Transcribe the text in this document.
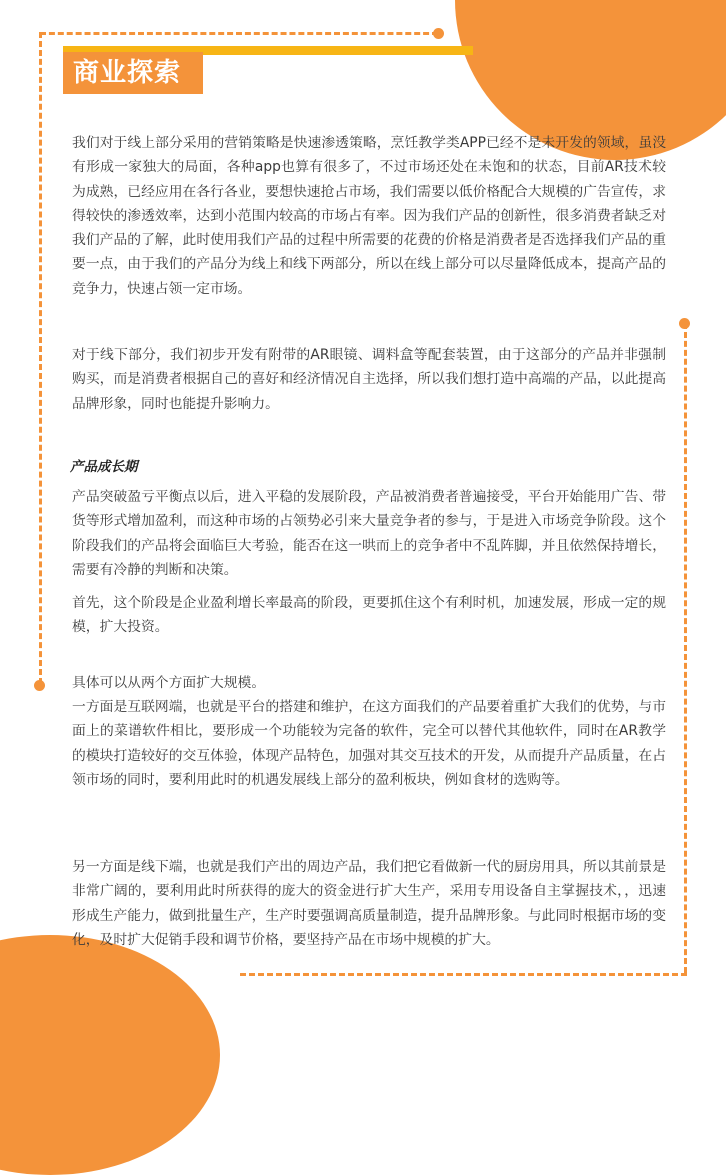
商业探索

我们对于线上部分采用的营销策略是快速渗透策略，烹饪教学类APP已经不是未开发的领域，虽没有形成一家独大的局面，各种app也算有很多了，不过市场还处在未饱和的状态，目前AR技术较为成熟，已经应用在各行各业，要想快速抢占市场，我们需要以低价格配合大规模的广告宣传，求得较快的渗透效率，达到小范围内较高的市场占有率。因为我们产品的创新性，很多消费者缺乏对我们产品的了解，此时使用我们产品的过程中所需要的花费的价格是消费者是否选择我们产品的重要一点，由于我们的产品分为线上和线下两部分，所以在线上部分可以尽量降低成本，提高产品的竞争力，快速占领一定市场。

对于线下部分，我们初步开发有附带的AR眼镜、调料盒等配套装置，由于这部分的产品并非强制购买，而是消费者根据自己的喜好和经济情况自主选择，所以我们想打造中高端的产品，以此提高品牌形象，同时也能提升影响力。

产品成长期

产品突破盈亏平衡点以后，进入平稳的发展阶段，产品被消费者普遍接受，平台开始能用广告、带货等形式增加盈利，而这种市场的占领势必引来大量竞争者的参与，于是进入市场竞争阶段。这个阶段我们的产品将会面临巨大考验，能否在这一哄而上的竞争者中不乱阵脚，并且依然保持增长，需要有冷静的判断和决策。

首先，这个阶段是企业盈利增长率最高的阶段，更要抓住这个有利时机，加速发展，形成一定的规模，扩大投资。

具体可以从两个方面扩大规模。

一方面是互联网端，也就是平台的搭建和维护，在这方面我们的产品要着重扩大我们的优势，与市面上的菜谱软件相比，要形成一个功能较为完备的软件，完全可以替代其他软件，同时在AR教学的模块打造较好的交互体验，体现产品特色，加强对其交互技术的开发，从而提升产品质量，在占领市场的同时，要利用此时的机遇发展线上部分的盈利板块，例如食材的选购等。

另一方面是线下端，也就是我们产出的周边产品，我们把它看做新一代的厨房用具，所以其前景是非常广阔的，要利用此时所获得的庞大的资金进行扩大生产，采用专用设备自主掌握技术，，迅速形成生产能力，做到批量生产，生产时要强调高质量制造，提升品牌形象。与此同时根据市场的变化，及时扩大促销手段和调节价格，要坚持产品在市场中规模的扩大。
